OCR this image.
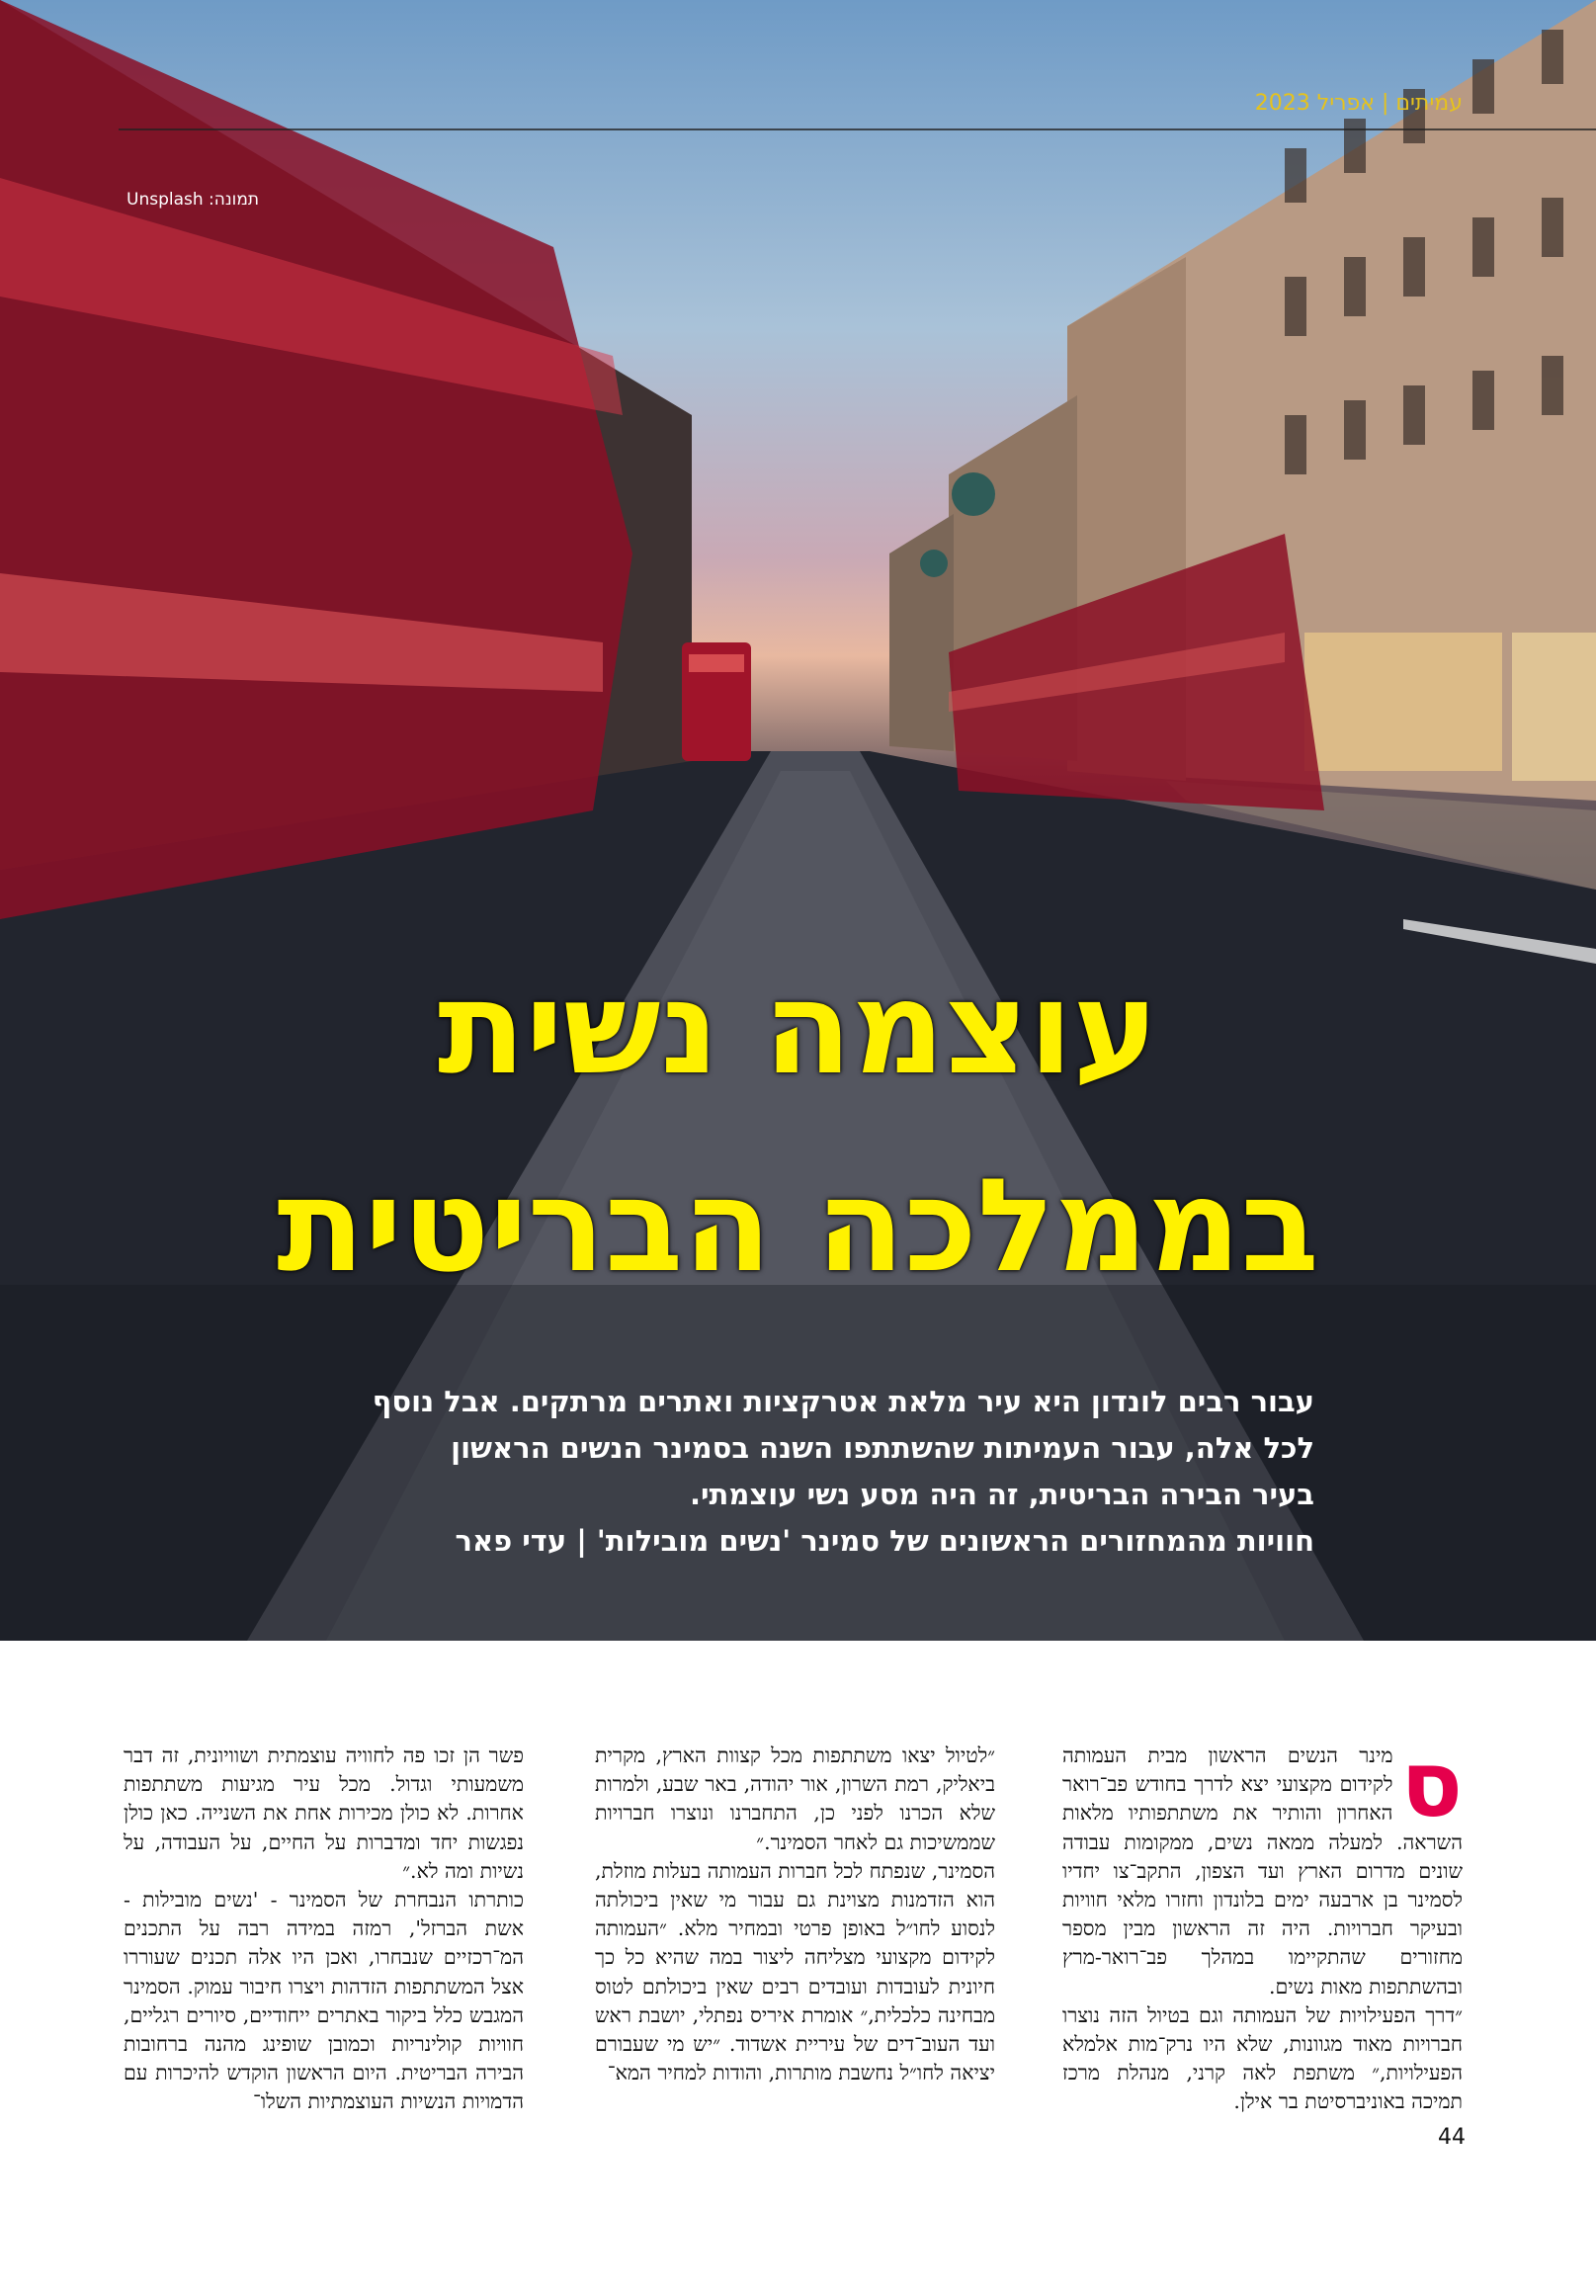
עמיתים | אפריל 2023
תמונה: Unsplash
עוצמה נשית
בממלכה הבריטית
עבור רבים לונדון היא עיר מלאת אטרקציות ואתרים מרתקים. אבל נוסף
לכל אלה, עבור העמיתות שהשתתפו השנה בסמינר הנשים הראשון
בעיר הבירה הבריטית, זה היה מסע נשי עוצמתי.
חוויות מהמחזורים הראשונים של סמינר 'נשים מובילות' | עדי פאר
ס

מינר הנשים הראשון מבית העמותה לקידום מקצועי יצא לדרך בחודש פב־רואר האחרון והותיר את משתתפותיו מלאות השראה. למעלה ממאה נשים, ממקומות עבודה שונים מדרום הארץ ועד הצפון, התקב־צו יחדיו לסמינר בן ארבעה ימים בלונדון וחזרו מלאי חוויות ובעיקר חברויות. היה זה הראשון מבין מספר מחזורים שהתקיימו במהלך פב־רואר-מרץ ובהשתתפות מאות נשים.

״דרך הפעילויות של העמותה וגם בטיול הזה נוצרו חברויות מאוד מגוונות, שלא היו נרק־מות אלמלא הפעילויות,״ משתפת לאה קרני, מנהלת מרכז תמיכה באוניברסיטת בר אילן.

״לטיול יצאו משתתפות מכל קצוות הארץ, מקרית ביאליק, רמת השרון, אור יהודה, באר שבע, ולמרות שלא הכרנו לפני כן, התחברנו ונוצרו חברויות שממשיכות גם לאחר הסמינר.״

הסמינר, שנפתח לכל חברות העמותה בעלות מוזלת, הוא הזדמנות מצוינת גם עבור מי שאין ביכולתה לנסוע לחו״ל באופן פרטי ובמחיר מלא. ״העמותה לקידום מקצועי מצליחה ליצור במה שהיא כל כך חיונית לעובדות ועובדים רבים שאין ביכולתם לטוס מבחינה כלכלית,״ אומרת איריס נפתלי, יושבת ראש ועד העוב־דים של עיריית אשדוד. ״יש מי שעבורם יציאה לחו״ל נחשבת מותרות, והודות למחיר המא־

פשר הן זכו פה לחוויה עוצמתית ושוויונית, זה דבר משמעותי וגדול. מכל עיר מגיעות משתתפות אחרות. לא כולן מכירות אחת את השנייה. כאן כולן נפגשות יחד ומדברות על החיים, על העבודה, על נשיות ומה לא.״

כותרתו הנבחרת של הסמינר - 'נשים מובילות - אשת הברזל', רמזה במידה רבה על התכנים המ־רכזיים שנבחרו, ואכן היו אלה תכנים שעוררו אצל המשתתפות הזדהות ויצרו חיבור עמוק. הסמינר המגבש כלל ביקור באתרים ייחודיים, סיורים רגליים, חוויות קולינריות וכמובן שופינג מהנה ברחובות הבירה הבריטית. היום הראשון הוקדש להיכרות עם הדמויות הנשיות העוצמתיות השלו־

44
